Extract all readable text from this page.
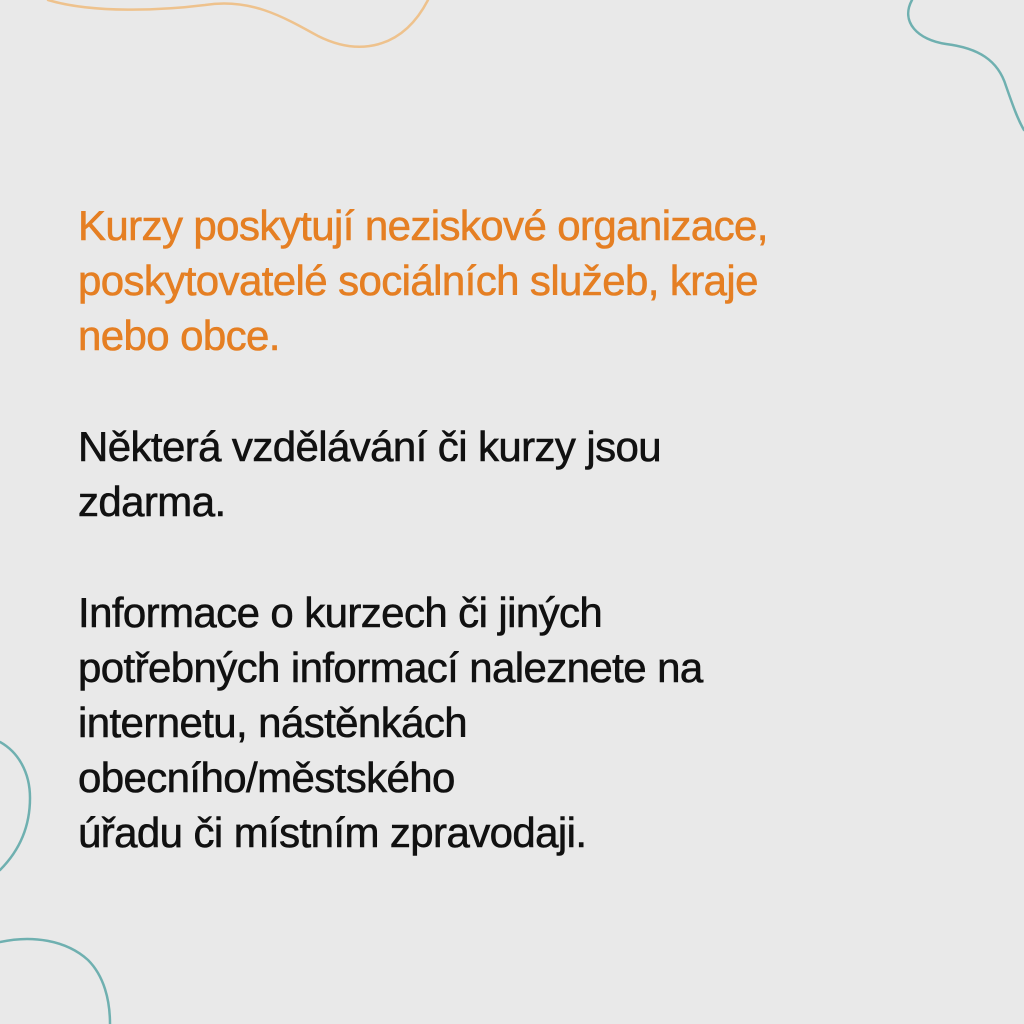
Kurzy poskytují neziskové organizace,
poskytovatelé sociálních služeb, kraje
nebo obce.

Některá vzdělávání či kurzy jsou
zdarma.

Informace o kurzech či jiných
potřebných informací naleznete na
internetu, nástěnkách
obecního/městského
úřadu či místním zpravodaji.
